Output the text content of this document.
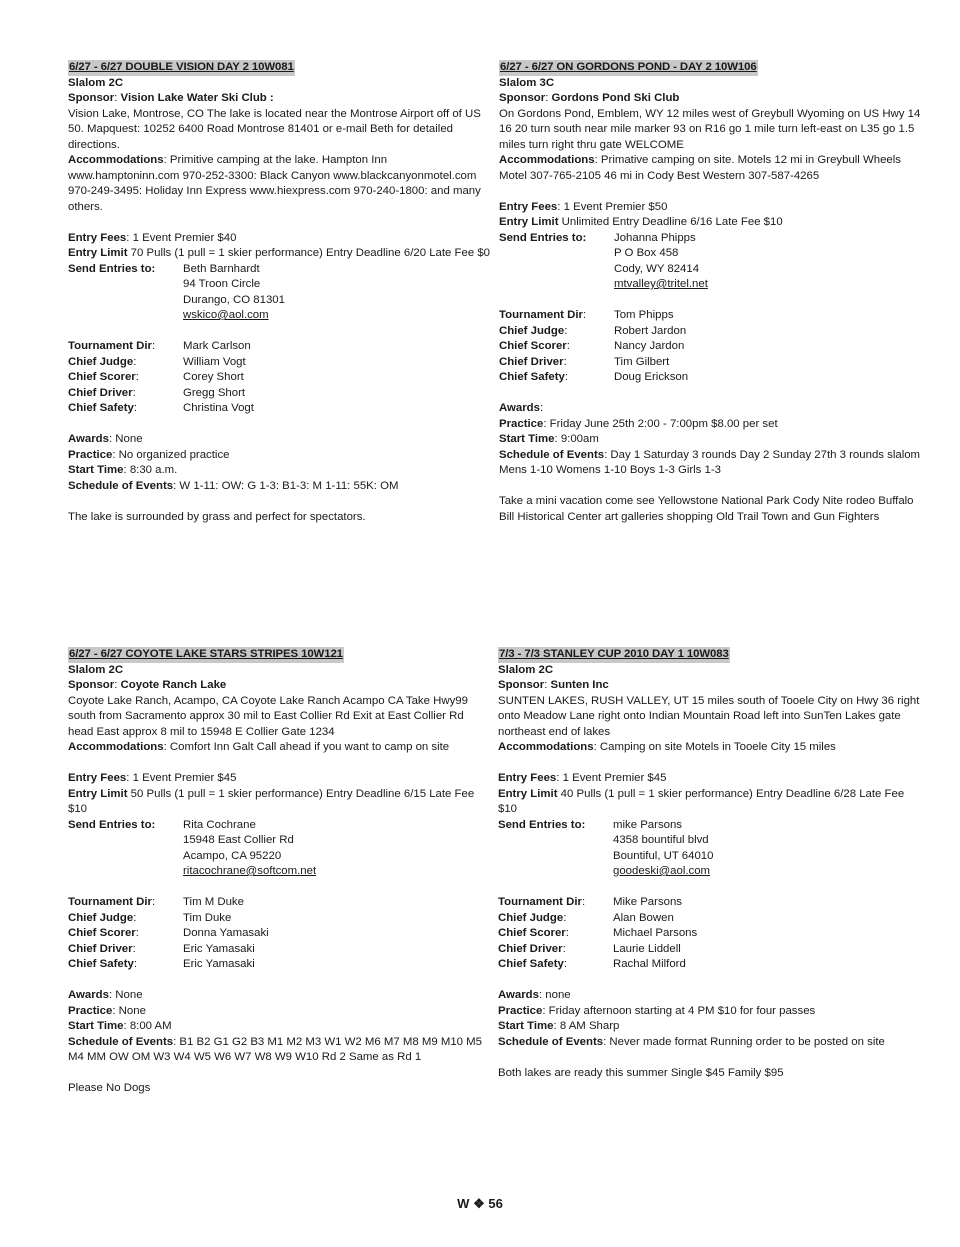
6/27 - 6/27 DOUBLE VISION DAY 2 10W081
Slalom 2C
Sponsor: Vision Lake Water Ski Club :
Vision Lake, Montrose, CO The lake is located near the Montrose Airport off of US 50. Mapquest: 10252 6400 Road Montrose 81401 or e-mail Beth for detailed directions.
Accommodations: Primitive camping at the lake. Hampton Inn www.hamptoninn.com 970-252-3300: Black Canyon www.blackcanyonmotel.com 970-249-3495: Holiday Inn Express www.hiexpress.com 970-240-1800: and many others.
Entry Fees: 1 Event Premier $40
Entry Limit 70 Pulls (1 pull = 1 skier performance) Entry Deadline 6/20 Late Fee $0
Send Entries to:	Beth Barnhardt
94 Troon Circle
Durango, CO 81301
wskico@aol.com
Tournament Dir:	Mark Carlson
Chief Judge:	William Vogt
Chief Scorer:	Corey Short
Chief Driver:	Gregg Short
Chief Safety:	Christina Vogt
Awards: None
Practice: No organized practice
Start Time: 8:30 a.m.
Schedule of Events: W 1-11: OW: G 1-3: B1-3: M 1-11: 55K: OM
The lake is surrounded by grass and perfect for spectators.
6/27 - 6/27 ON GORDONS POND - DAY 2 10W106
Slalom 3C
Sponsor: Gordons Pond Ski Club
On Gordons Pond, Emblem, WY 12 miles west of Greybull Wyoming on US Hwy 14 16 20 turn south near mile marker 93 on R16 go 1 mile turn left-east on L35 go 1.5 miles turn right thru gate WELCOME
Accommodations: Primative camping on site. Motels 12 mi in Greybull Wheels Motel 307-765-2105 46 mi in Cody Best Western 307-587-4265
Entry Fees: 1 Event Premier $50
Entry Limit Unlimited Entry Deadline 6/16 Late Fee $10
Send Entries to:	Johanna Phipps
P O Box 458
Cody, WY 82414
mtvalley@tritel.net
Tournament Dir:	Tom Phipps
Chief Judge:	Robert Jardon
Chief Scorer:	Nancy Jardon
Chief Driver:	Tim Gilbert
Chief Safety:	Doug Erickson
Awards:
Practice: Friday June 25th 2:00 - 7:00pm $8.00 per set
Start Time: 9:00am
Schedule of Events: Day 1 Saturday 3 rounds Day 2 Sunday 27th 3 rounds slalom Mens 1-10 Womens 1-10 Boys 1-3 Girls 1-3
Take a mini vacation come see Yellowstone National Park Cody Nite rodeo Buffalo Bill Historical Center art galleries shopping Old Trail Town and Gun Fighters
6/27 - 6/27 COYOTE LAKE STARS STRIPES 10W121
Slalom 2C
Sponsor: Coyote Ranch Lake
Coyote Lake Ranch, Acampo, CA Coyote Lake Ranch Acampo CA Take Hwy99 south from Sacramento approx 30 mil to East Collier Rd Exit at East Collier Rd head East approx 8 mil to 15948 E Collier Gate 1234
Accommodations: Comfort Inn Galt Call ahead if you want to camp on site
Entry Fees: 1 Event Premier $45
Entry Limit 50 Pulls (1 pull = 1 skier performance) Entry Deadline 6/15 Late Fee $10
Send Entries to:	Rita Cochrane
15948 East Collier Rd
Acampo, CA 95220
ritacochrane@softcom.net
Tournament Dir:	Tim M Duke
Chief Judge:	Tim Duke
Chief Scorer:	Donna Yamasaki
Chief Driver:	Eric Yamasaki
Chief Safety:	Eric Yamasaki
Awards: None
Practice: None
Start Time: 8:00 AM
Schedule of Events: B1 B2 G1 G2 B3 M1 M2 M3 W1 W2 M6 M7 M8 M9 M10 M5 M4 MM OW OM W3 W4 W5 W6 W7 W8 W9 W10 Rd 2 Same as Rd 1
Please No Dogs
7/3 - 7/3 STANLEY CUP 2010 DAY 1 10W083
Slalom 2C
Sponsor: Sunten Inc
SUNTEN LAKES, RUSH VALLEY, UT 15 miles south of Tooele City on Hwy 36 right onto Meadow Lane right onto Indian Mountain Road left into SunTen Lakes gate northeast end of lakes
Accommodations: Camping on site Motels in Tooele City 15 miles
Entry Fees: 1 Event Premier $45
Entry Limit 40 Pulls (1 pull = 1 skier performance) Entry Deadline 6/28 Late Fee $10
Send Entries to:	mike Parsons
4358 bountiful blvd
Bountiful, UT 64010
goodeski@aol.com
Tournament Dir:	Mike Parsons
Chief Judge:	Alan Bowen
Chief Scorer:	Michael Parsons
Chief Driver:	Laurie Liddell
Chief Safety:	Rachal Milford
Awards: none
Practice: Friday afternoon starting at 4 PM $10 for four passes
Start Time: 8 AM Sharp
Schedule of Events: Never made format Running order to be posted on site
Both lakes are ready this summer Single $45 Family $95
W ❖ 56
